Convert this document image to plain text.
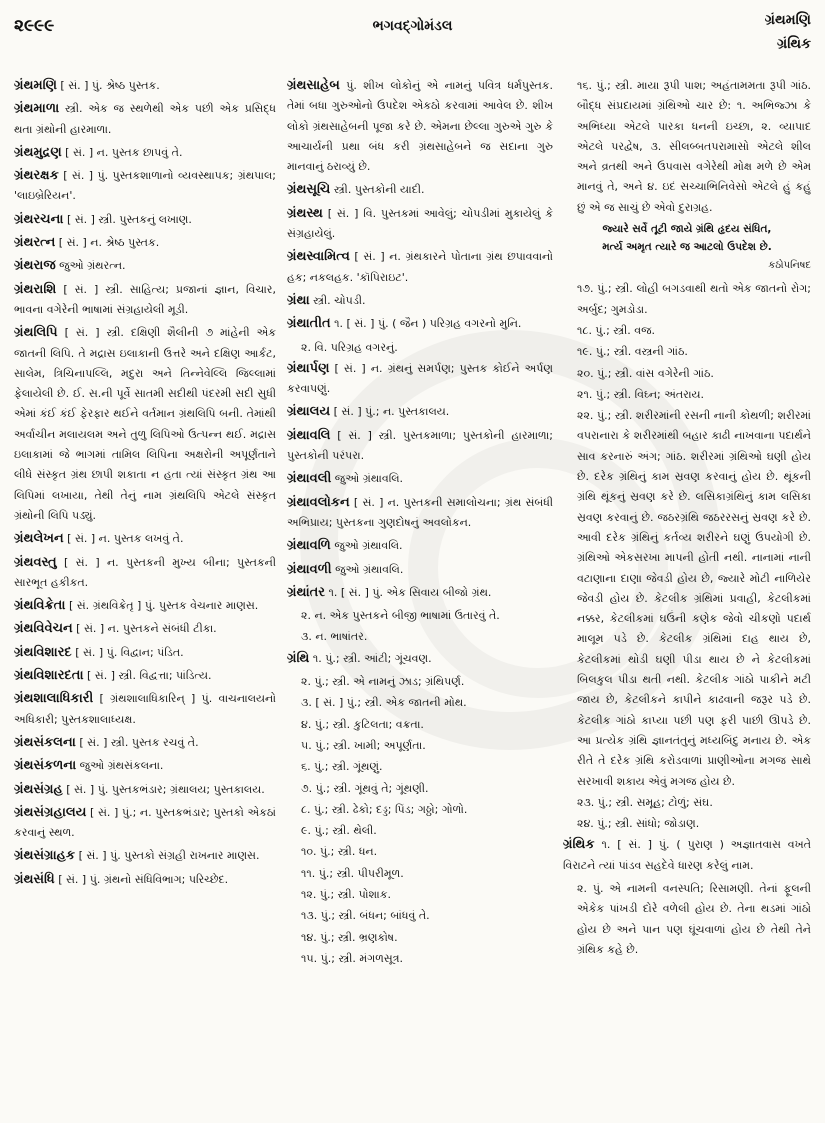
૨૯૯૯	ભગવદ્ગોમંડલ	ગ્રંથમણિ
ગ્રંથિક

ગ્રંથમણિ [ સં. ] પું. શ્રેષ્ઠ પુસ્તક.

ગ્રંથમાળા સ્ત્રી. એક જ સ્થળેથી એક પછી એક પ્રસિદ્ધ થતા ગ્રંથોની હારમાળા.

ગ્રંથમુદ્રણ [ સં. ] ન. પુસ્તક છાપવું તે.

ગ્રંથરક્ષક [ સં. ] પું. પુસ્તકશાળાનો વ્યવસ્થાપક; ગ્રંથપાલ; 'લાઇબ્રેરિયન'.

ગ્રંથરચના [ સં. ] સ્ત્રી. પુસ્તકનું લખાણ.

ગ્રંથરત્ન [ સં. ] ન. શ્રેષ્ઠ પુસ્તક.

ગ્રંથરાજ જુઓ ગ્રંથરત્ન.

ગ્રંથરાશિ [ સં. ] સ્ત્રી. સાહિત્ય; પ્રજાનાં જ્ઞાન, વિચાર, ભાવના વગેરેની ભાષામાં સંગ્રહાયેલી મૂડી.

ગ્રંથલિપિ [ સં. ] સ્ત્રી. દક્ષિણી શૈલીની ૭ માંહેની એક જાતની લિપિ. તે મદ્રાસ ઇલાકાની ઉત્તરે અને દક્ષિણ આર્કટ, સાલેમ, ત્રિચિનાપલ્લિ, મદુરા અને તિન્નેવેલ્લિ જિલ્લામાં ફેલાયેલી છે. ઈ. સ.ની પૂર્વે સાતમી સદીથી પંદરમી સદી સુધી એમાં કંઈ કંઈ ફેરફાર થઈને વર્તમાન ગ્રંથલિપિ બની. તેમાંથી અર્વાચીન મલાયલમ અને તુળુ લિપિઓ ઉત્પન્ન થઈ. મદ્રાસ ઇલાકામાં જે ભાગમાં તામિલ લિપિના અક્ષરોની અપૂર્ણતાને લીધે સંસ્કૃત ગ્રંથ છાપી શકાતા ન હતા ત્યાં સંસ્કૃત ગ્રંથ આ લિપિમાં લખાયા, તેથી તેનું નામ ગ્રંથલિપિ એટલે સંસ્કૃત ગ્રંથોની લિપિ પડ્યું.

ગ્રંથલેખન [ સં. ] ન. પુસ્તક લખવું તે.

ગ્રંથવસ્તુ [ સં. ] ન. પુસ્તકની મુખ્ય બીના; પુસ્તકની સારભૂત હકીકત.

ગ્રંથવિક્રેતા [ સં. ગ્રંથવિક્રેતૃ ] પું. પુસ્તક વેચનાર માણસ.

ગ્રંથવિવેચન [ સં. ] ન. પુસ્તકને સંબંધી ટીકા.

ગ્રંથવિશારદ [ સં. ] પું. વિદ્વાન; પંડિત.

ગ્રંથવિશારદતા [ સં. ] સ્ત્રી. વિદ્વત્તા; પાંડિત્ય.

ગ્રંથશાલાધિકારી [ ગ્રંથશાલાધિકારિન્ ] પું. વાચનાલયનો અધિકારી; પુસ્તકશાલાધ્યક્ષ.

ગ્રંથસંકલના [ સં. ] સ્ત્રી. પુસ્તક રચવું તે.

ગ્રંથસંકળના જુઓ ગ્રંથસંકલના.

ગ્રંથસંગ્રહ [ સં. ] પું. પુસ્તકભંડાર; ગ્રંથાલય; પુસ્તકાલય.

ગ્રંથસંગ્રહાલય [ સં. ] પું.; ન. પુસ્તકભંડાર; પુસ્તકો એકઠાં કરવાનું સ્થળ.

ગ્રંથસંગ્રાહક [ સં. ] પું. પુસ્તકો સંગ્રહી રાખનાર માણસ.

ગ્રંથસંધિ [ સં. ] પું. ગ્રંથનો સંધિવિભાગ; પરિચ્છેદ.

ગ્રંથસાહેબ પું. શીખ લોકોનું એ નામનું પવિત્ર ધર્મપુસ્તક. તેમાં બધા ગુરુઓનો ઉપદેશ એકઠો કરવામાં આવેલ છે. શીખ લોકો ગ્રંથસાહેબની પૂજા કરે છે. એમના છેલ્લા ગુરુએ ગુરુ કે આચાર્યની પ્રથા બંધ કરી ગ્રંથસાહેબને જ સદાના ગુરુ માનવાનું ઠરાવ્યું છે.

ગ્રંથસૂચિ સ્ત્રી. પુસ્તકોની યાદી.

ગ્રંથસ્થ [ સં. ] વિ. પુસ્તકમાં આવેલું; ચોપડીમાં મુકાયેલું કે સંગ્રહાયેલું.

ગ્રંથસ્વામિત્વ [ સં. ] ન. ગ્રંથકારને પોતાના ગ્રંથ છપાવવાનો હક; નકલહક. 'કૉપિરાઇટ'.

ગ્રંથા સ્ત્રી. ચોપડી.

ગ્રંથાતીત ૧. [ સં. ] પું. ( જૈન ) પરિગ્રહ વગરનો મુનિ.

૨. વિ. પરિગ્રહ વગરનું.

ગ્રંથાર્પણ [ સં. ] ન. ગ્રંથનું સમર્પણ; પુસ્તક કોઈને અર્પણ કરવાપણું.

ગ્રંથાલય [ સં. ] પું.; ન. પુસ્તકાલય.

ગ્રંથાવલિ [ સં. ] સ્ત્રી. પુસ્તકમાળા; પુસ્તકોની હારમાળા; પુસ્તકોની પરંપરા.

ગ્રંથાવલી જુઓ ગ્રંથાવલિ.

ગ્રંથાવલોકન [ સં. ] ન. પુસ્તકની સમાલોચના; ગ્રંથ સંબંધી અભિપ્રાય; પુસ્તકના ગુણદોષનું અવલોકન.

ગ્રંથાવળિ જુઓ ગ્રંથાવલિ.

ગ્રંથાવળી જુઓ ગ્રંથાવલિ.

ગ્રંથાંતર ૧. [ સં. ] પું. એક સિવાય બીજો ગ્રંથ.

૨. ન. એક પુસ્તકને બીજી ભાષામાં ઉતારવું તે.

૩. ન. ભાષાંતર.

ગ્રંથિ ૧. પું.; સ્ત્રી. આંટી; ગૂંચવણ.

૨. પું.; સ્ત્રી. એ નામનું ઝાડ; ગ્રંથિપર્ણ.

૩. [ સં. ] પું.; સ્ત્રી. એક જાતની મોથ.

૪. પું.; સ્ત્રી. કુટિલતા; વક્રતા.

૫. પું.; સ્ત્રી. ખામી; અપૂર્ણતા.

૬. પું.; સ્ત્રી. ગૂંથણું.

૭. પું.; સ્ત્રી. ગૂંથવું તે; ગૂંથણી.

૮. પું.; સ્ત્રી. ઢેકો; દડ્ડ; પિંડ; ગઠ્ઠો; ગોળો.

૯. પું.; સ્ત્રી. થેલી.

૧૦. પું.; સ્ત્રી. ધન.

૧૧. પું.; સ્ત્રી. પીપરીમૂળ.

૧૨. પું.; સ્ત્રી. પોશાક.

૧૩. પું.; સ્ત્રી. બંધન; બાંધવું તે.

૧૪. પું.; સ્ત્રી. ભ્રણકોષ.

૧૫. પું.; સ્ત્રી. મંગળસૂત્ર.

૧૬. પું.; સ્ત્રી. માયા રૂપી પાશ; અહંતામમતા રૂપી ગાંઠ. બૌદ્ધ સંપ્રદાયમાં ગ્રંથિઓ ચાર છે: ૧. અભિજ્ઝા કે અભિધ્યા એટલે પારકા ધનની ઇચ્છા, ૨. વ્યાપાદ એટલે પરદ્વેષ, ૩. સીલબ્બતપરામાસો એટલે શીલ અને વ્રતથી અને ઉપવાસ વગેરેથી મોક્ષ મળે છે એમ માનવું તે, અને ૪. ઇદં સચ્ચાભિનિવેસો એટલે હું કહું છું એ જ સાચું છે એવો દુરાગ્રહ.

જ્યારે સર્વે તૂટી જાયે ગ્રંથિ હૃદય સંધિત,
મર્ત્ય અમૃત ત્યારે જ આટલો ઉપદેશ છે.

કઠોપનિષદ

૧૭. પું.; સ્ત્રી. લોહી બગડવાથી થતો એક જાતનો રોગ; અર્બુદ; ગુમડોડા.

૧૮. પું.; સ્ત્રી. વજ.

૧૯. પું.; સ્ત્રી. વસ્ત્રની ગાંઠ.

૨૦. પું.; સ્ત્રી. વાંસ વગેરેની ગાંઠ.

૨૧. પું.; સ્ત્રી. વિઘ્ન; અંતરાય.

૨૨. પું.; સ્ત્રી. શરીરમાંની રસની નાની કોથળી; શરીરમાં વપરાનારા કે શરીરમાંથી બહાર કાઢી નાખવાના પદાર્થને સાવ કરનારું અંગ; ગાંઠ. શરીરમાં ગ્રંથિઓ ઘણી હોય છે. દરેક ગ્રંથિનું કામ સ્રવણ કરવાનું હોય છે. થૂંકની ગ્રંથિ થૂંકનું સ્રવણ કરે છે. લસિકાગ્રંથિનું કામ લસિકા સ્રવણ કરવાનું છે. જઠરગ્રંથિ જઠરરસનું સ્રવણ કરે છે. આવી દરેક ગ્રંથિનું કર્તવ્ય શરીરને ઘણું ઉપયોગી છે. ગ્રંથિઓ એકસરખા માપની હોતી નથી. નાનામાં નાની વટાણાના દાણા જેવડી હોય છે, જ્યારે મોટી નાળિયેર જેવડી હોય છે. કેટલીક ગ્રંથિમાં પ્રવાહી, કેટલીકમાં નક્કર, કેટલીકમાં ઘઉંની કણેક જેવો ચીકણો પદાર્થ માલૂમ પડે છે. કેટલીક ગ્રંથિમાં દાહ થાય છે, કેટલીકમાં થોડી ઘણી પીડા થાય છે ને કેટલીકમાં બિલકુલ પીડા થતી નથી. કેટલીક ગાંઠો પાકીને મટી જાય છે, કેટલીકને કાપીને કાઢવાની જરૂર પડે છે. કેટલીક ગાંઠો કાપ્યા પછી પણ ફરી પાછી ઊપડે છે. આ પ્રત્યેક ગ્રંથિ જ્ઞાનતંતુનું મધ્યબિંદુ મનાય છે. એક રીતે તે દરેક ગ્રંથિ કરોડવાળાં પ્રાણીઓના મગજ સાથે સરખાવી શકાય એવું મગજ હોય છે.

૨૩. પું.; સ્ત્રી. સમૂહ; ટોળું; સંઘ.

૨૪. પું.; સ્ત્રી. સાંધો; જોડાણ.

ગ્રંથિક ૧. [ સં. ] પું. ( પુરાણ ) અજ્ઞાતવાસ વખતે વિરાટને ત્યાં પાંડવ સહદેવે ધારણ કરેલું નામ.

૨. પું. એ નામની વનસ્પતિ; રિસામણી. તેનાં ફૂલની એકેક પાંખડી દોરે વળેલી હોય છે. તેના થડમાં ગાંઠો હોય છે અને પાન પણ ઘૂંચવાળાં હોય છે તેથી તેને ગ્રંથિક કહે છે.
